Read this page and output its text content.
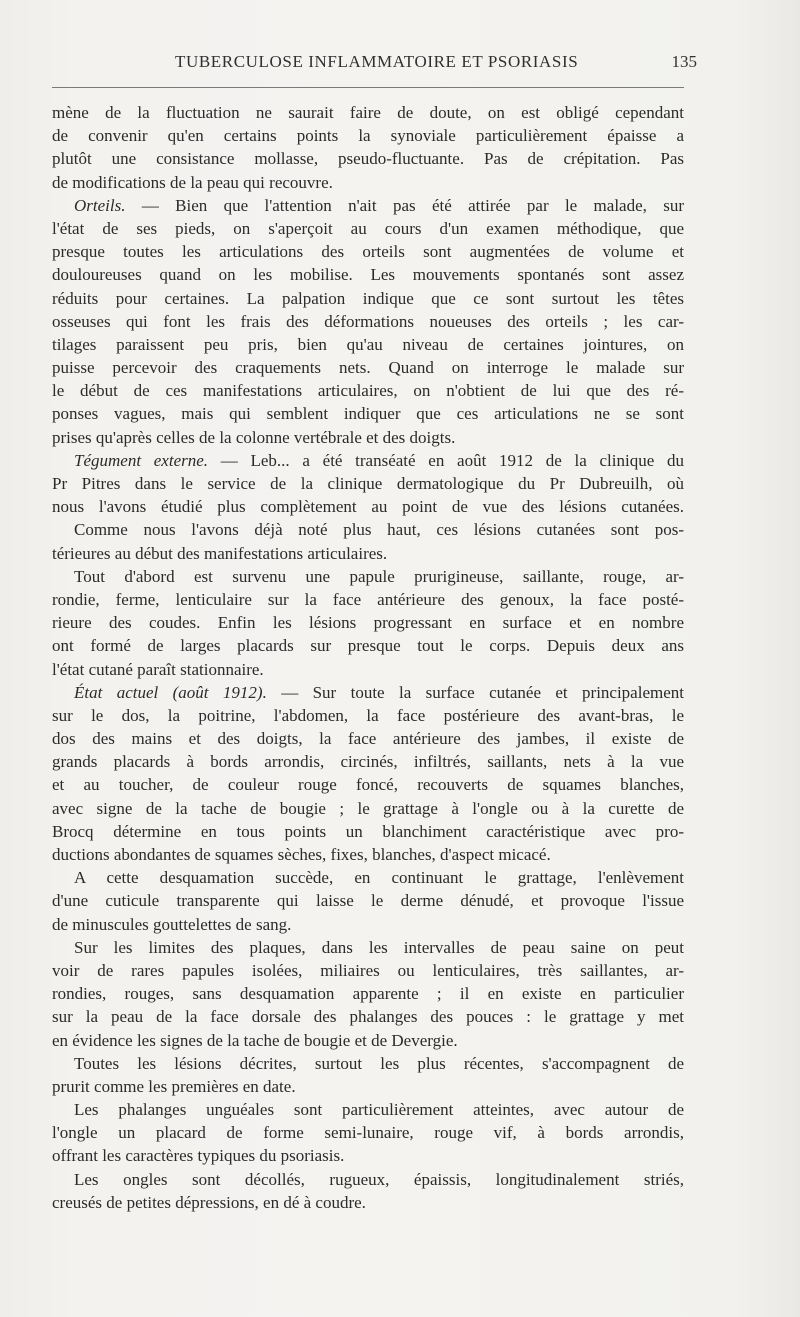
TUBERCULOSE INFLAMMATOIRE ET PSORIASIS	135
mène de la fluctuation ne saurait faire de doute, on est obligé cependant
de convenir qu'en certains points la synoviale particulièrement épaisse a
plutôt une consistance mollasse, pseudo-fluctuante. Pas de crépitation. Pas
de modifications de la peau qui recouvre.
Orteils. — Bien que l'attention n'ait pas été attirée par le malade, sur
l'état de ses pieds, on s'aperçoit au cours d'un examen méthodique, que
presque toutes les articulations des orteils sont augmentées de volume et
douloureuses quand on les mobilise. Les mouvements spontanés sont assez
réduits pour certaines. La palpation indique que ce sont surtout les têtes
osseuses qui font les frais des déformations noueuses des orteils ; les car-
tilages paraissent peu pris, bien qu'au niveau de certaines jointures, on
puisse percevoir des craquements nets. Quand on interroge le malade sur
le début de ces manifestations articulaires, on n'obtient de lui que des ré-
ponses vagues, mais qui semblent indiquer que ces articulations ne se sont
prises qu'après celles de la colonne vertébrale et des doigts.
Tégument externe. — Leb... a été transéaté en août 1912 de la clinique du
Pr Pitres dans le service de la clinique dermatologique du Pr Dubreuilh, où
nous l'avons étudié plus complètement au point de vue des lésions cutanées.
Comme nous l'avons déjà noté plus haut, ces lésions cutanées sont pos-
térieures au début des manifestations articulaires.
Tout d'abord est survenu une papule prurigineuse, saillante, rouge, ar-
rondie, ferme, lenticulaire sur la face antérieure des genoux, la face posté-
rieure des coudes. Enfin les lésions progressant en surface et en nombre
ont formé de larges placards sur presque tout le corps. Depuis deux ans
l'état cutané paraît stationnaire.
État actuel (août 1912). — Sur toute la surface cutanée et principalement
sur le dos, la poitrine, l'abdomen, la face postérieure des avant-bras, le
dos des mains et des doigts, la face antérieure des jambes, il existe de
grands placards à bords arrondis, circinés, infiltrés, saillants, nets à la vue
et au toucher, de couleur rouge foncé, recouverts de squames blanches,
avec signe de la tache de bougie ; le grattage à l'ongle ou à la curette de
Brocq détermine en tous points un blanchiment caractéristique avec pro-
ductions abondantes de squames sèches, fixes, blanches, d'aspect micacé.
A cette desquamation succède, en continuant le grattage, l'enlèvement
d'une cuticule transparente qui laisse le derme dénudé, et provoque l'issue
de minuscules gouttelettes de sang.
Sur les limites des plaques, dans les intervalles de peau saine on peut
voir de rares papules isolées, miliaires ou lenticulaires, très saillantes, ar-
rondies, rouges, sans desquamation apparente ; il en existe en particulier
sur la peau de la face dorsale des phalanges des pouces : le grattage y met
en évidence les signes de la tache de bougie et de Devergie.
Toutes les lésions décrites, surtout les plus récentes, s'accompagnent de
prurit comme les premières en date.
Les phalanges unguéales sont particulièrement atteintes, avec autour de
l'ongle un placard de forme semi-lunaire, rouge vif, à bords arrondis,
offrant les caractères typiques du psoriasis.
Les ongles sont décollés, rugueux, épaissis, longitudinalement striés,
creusés de petites dépressions, en dé à coudre.
